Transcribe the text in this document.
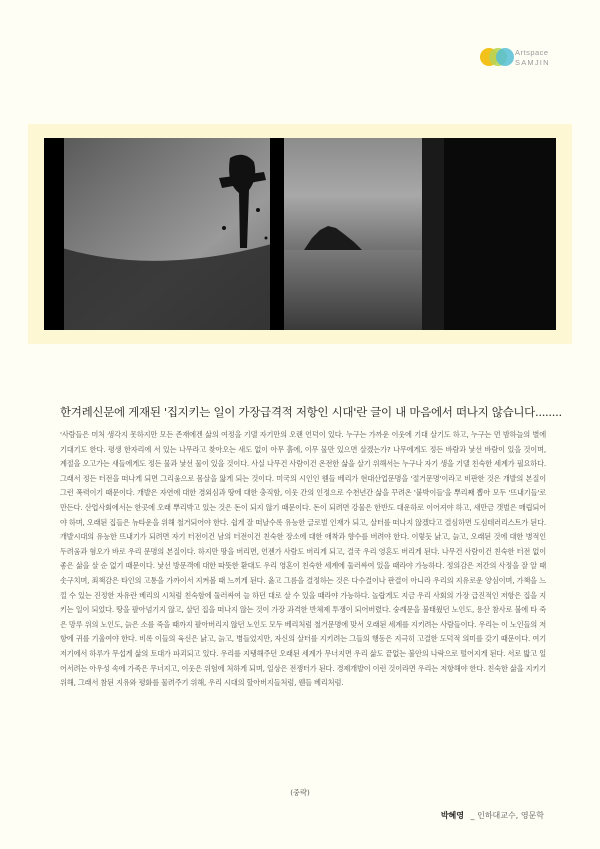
Artspace
SAMJIN
한겨레신문에 게재된 '집지키는 일이 가장급격적 저항인 시대'란 글이 내 마음에서 떠나지 않습니다........
'사람들은 미처 생각지 못하지만 모든 존재에겐 삶의 여정을 기댈 자기만의 오랜 언덕이 있다. 누구는 가까운 이웃에 기대 살기도 하고, 누구는 먼 밤하늘의 별에 기대기도 한다. 평생 한자리에 서 있는 나무라고 찾아오는 새도 없이 아무 흙에, 이무 물만 있으면 살겠는가? 나무에게도 정든 바람과 낯선 바람이 있을 것이며, 계절을 오고가는 새들에게도 정든 물과 낯선 물이 있을 것이다. 사실 나무건 사람이건 온전한 삶을 살기 위해서는 누구나 자기 생을 기댈 친숙한 세계가 필요하다. 그래서 정든 터전을 떠나게 되면 그리움으로 몸살을 앓게 되는 것이다. 미국의 시인인 웬들 베리가 현대산업문명을 '절거문명'이라고 비판한 것은 개발의 본질이 그런 폭력이기 때문이다. 개발은 자연에 대한 경외심과 땅에 대한 충직함, 이웃 간의 인정으로 수천년간 삶을 꾸려온 '붙박이들'을 뿌리째 뽑아 모두 '뜨내기들'로 만든다. 산업사회에서는 한곳에 오래 뿌리박고 있는 것은 돈이 되지 않기 때문이다. 돈이 되려면 강물은 한반도 대운하로 이어져야 하고, 새만금 갯벌은 매립되어야 하며, 오래된 집들은 뉴타운을 위해 철거되어야 한다. 쉽게 잘 떠날수록 유능한 글로벌 인재가 되고, 살터를 떠나지 않겠다고 결심하면 도심테러리스트가 된다. 개발시대의 유능한 뜨내기가 되려면 자기 터전이건 남의 터전이건 친숙한 장소에 대한 애착과 향수를 버려야 한다. 이렇듯 낡고, 늙고, 오래된 것에 대한 병적인 두려움과 혐오가 바로 우리 문명의 본질이다. 하지만 땅을 버리면, 언젠가 사람도 버리게 되고, 결국 우리 영혼도 버리게 된다. 나무건 사람이건 친숙한 터전 없이 좋은 삶을 살 순 없기 때문이다. 낯선 방문객에 대한 따뜻한 환대도 우리 영혼이 친숙한 세계에 둘러싸여 있을 때라야 가능하다. 정의감은 저간의 사정을 잘 알 때 솟구치며, 죄책감은 타인의 고통을 가까이서 지켜볼 때 느끼게 된다. 옳고 그름을 결정하는 것은 다수결이나 판결이 아니라 우리의 지유로운 양심이며, 가책을 느낄 수 있는 진정한 자유란 베리의 시처럼 친숙함에 둘러싸여 늘 하던 대로 살 수 있을 때라야 가능하다. 놀랍게도 지금 우리 사회의 가장 급진적인 저항은 집을 지키는 일이 되었다. 땅을 팔아넘기지 않고, 살던 집을 떠나지 않는 것이 가장 과격한 반체제 투쟁이 되어버렸다. 숭례문을 불태웠던 노인도, 용산 참사로 불에 타 죽은 망루 위의 노인도, 늙은 소를 죽을 때까지 팔아버리지 않던 노인도 모두 베리처럼 철거문명에 맞서 오래된 세계를 지키려는 사람들이다. 우리는 이 노인들의 저항에 귀를 기울여야 한다. 비록 이들의 육신은 낡고, 늙고, 병들었지만, 자신의 살터를 지키려는 그들의 행동은 지극히 고결한 도덕적 의미를 갖기 때문이다. 여기저기에서 하루가 무섭게 삶의 토대가 파괴되고 있다. 우리를 지탱해주던 오래된 세계가 무너지면 우리 삶도 끝없는 불안의 나락으로 떨어지게 된다. 서로 밟고 일어서려는 아우성 속에 가족은 무너지고, 이웃은 위험에 처하게 되며, 일상은 전쟁터가 된다. 경제개발이 이런 것이라면 우리는 저항해야 한다. 친숙한 삶을 지키기 위해, 그래서 참된 지유와 평화를 물려주기 위해, 우리 시대의 할아버지들처럼, 웬들 베리처럼.
(중략)
박혜영 _ 인하대교수, 영문학
